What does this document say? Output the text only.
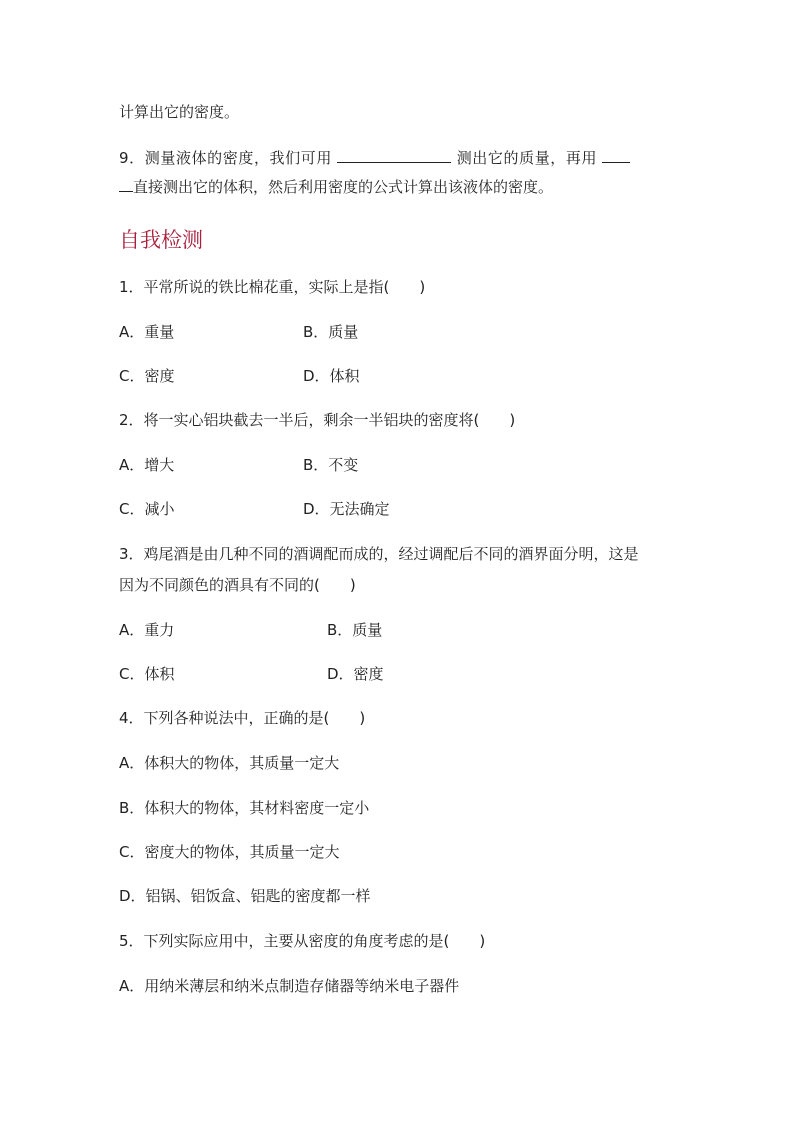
计算出它的密度。
9．测量液体的密度，我们可用	测出它的质量，再用
直接测出它的体积，然后利用密度的公式计算出该液体的密度。
自我检测
1．平常所说的铁比棉花重，实际上是指(　　)
A．重量	B．质量
C．密度	D．体积
2．将一实心铝块截去一半后，剩余一半铝块的密度将(　　)
A．增大	B．不变
C．减小	D．无法确定
3．鸡尾酒是由几种不同的酒调配而成的，经过调配后不同的酒界面分明，这是
因为不同颜色的酒具有不同的(　　)
A．重力	B．质量
C．体积	D．密度
4．下列各种说法中，正确的是(　　)
A．体积大的物体，其质量一定大
B．体积大的物体，其材料密度一定小
C．密度大的物体，其质量一定大
D．铝锅、铝饭盒、铝匙的密度都一样
5．下列实际应用中，主要从密度的角度考虑的是(　　)
A．用纳米薄层和纳米点制造存储器等纳米电子器件
